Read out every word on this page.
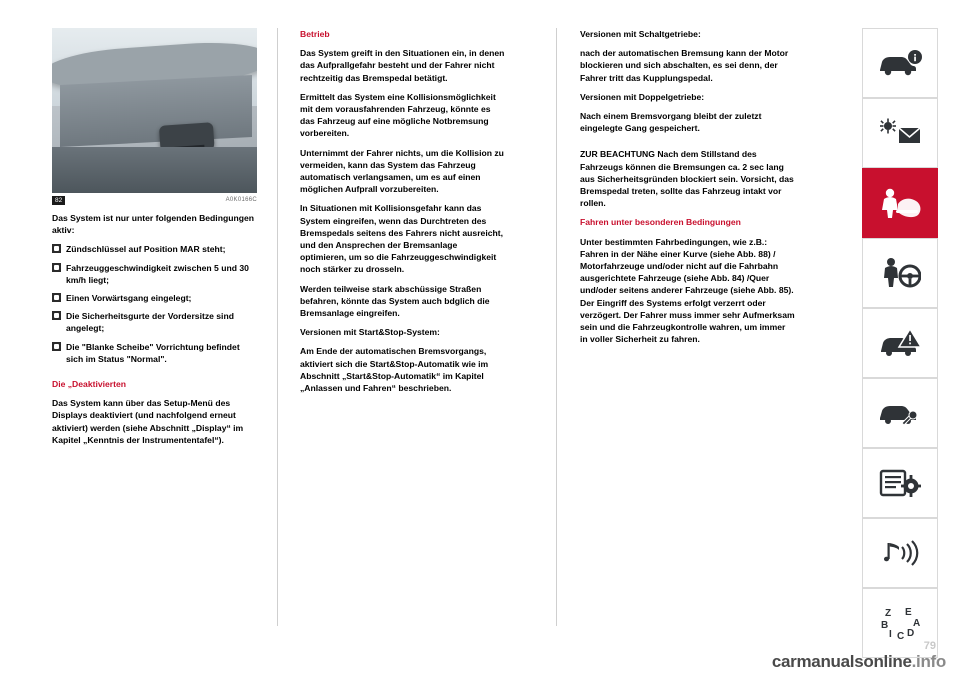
82	A0K0166C

Das System ist nur unter folgenden Bedingungen aktiv:

Zündschlüssel auf Position MAR steht;
Fahrzeuggeschwindigkeit zwischen 5 und 30 km/h liegt;
Einen Vorwärtsgang eingelegt;
Die Sicherheitsgurte der Vordersitze sind angelegt;
Die "Blanke Scheibe" Vorrichtung befindet sich im Status "Normal".

Die „Deaktivierten

Das System kann über das Setup-Menü des Displays deaktiviert (und nachfolgend erneut aktiviert) werden (siehe Abschnitt „Display“ im Kapitel „Kenntnis der Instrumententafel“).

Betrieb

Das System greift in den Situationen ein, in denen das Aufprallgefahr besteht und der Fahrer nicht rechtzeitig das Bremspedal betätigt.

Ermittelt das System eine Kollisionsmöglichkeit mit dem vorausfahrenden Fahrzeug, könnte es das Fahrzeug auf eine mögliche Notbremsung vorbereiten.

Unternimmt der Fahrer nichts, um die Kollision zu vermeiden, kann das System das Fahrzeug automatisch verlangsamen, um es auf einen möglichen Aufprall vorzubereiten.

In Situationen mit Kollisionsgefahr kann das System eingreifen, wenn das Durchtreten des Bremspedals seitens des Fahrers nicht ausreicht, und den Ansprechen der Bremsanlage optimieren, um so die Fahrzeuggeschwindigkeit noch stärker zu drosseln.

Werden teilweise stark abschüssige Straßen befahren, könnte das System auch bdglich die Bremsanlage eingreifen.

Versionen mit Start&Stop-System:

Am Ende der automatischen Bremsvorgangs, aktiviert sich die Start&Stop-Automatik wie im Abschnitt „Start&Stop-Automatik“ im Kapitel „Anlassen und Fahren“ beschrieben.

Versionen mit Schaltgetriebe:

nach der automatischen Bremsung kann der Motor blockieren und sich abschalten, es sei denn, der Fahrer tritt das Kupplungspedal.

Versionen mit Doppelgetriebe:

Nach einem Bremsvorgang bleibt der zuletzt eingelegte Gang gespeichert.

ZUR BEACHTUNG Nach dem Stillstand des Fahrzeugs können die Bremsungen ca. 2 sec lang aus Sicherheitsgründen blockiert sein. Vorsicht, das Bremspedal treten, sollte das Fahrzeug intakt vor rollen.

Fahren unter besonderen Bedingungen

Unter bestimmten Fahrbedingungen, wie z.B.: Fahren in der Nähe einer Kurve (siehe Abb. 88) / Motorfahrzeuge und/oder nicht auf die Fahrbahn ausgerichtete Fahrzeuge (siehe Abb. 84) /Quer und/oder seitens anderer Fahrzeuge (siehe Abb. 85). Der Eingriff des Systems erfolgt verzerrt oder verzögert. Der Fahrer muss immer sehr Aufmerksam sein und die Fahrzeugkontrolle wahren, um immer in voller Sicherheit zu fahren.

Z E
B A
I C D
79
carmanualsonline.info
